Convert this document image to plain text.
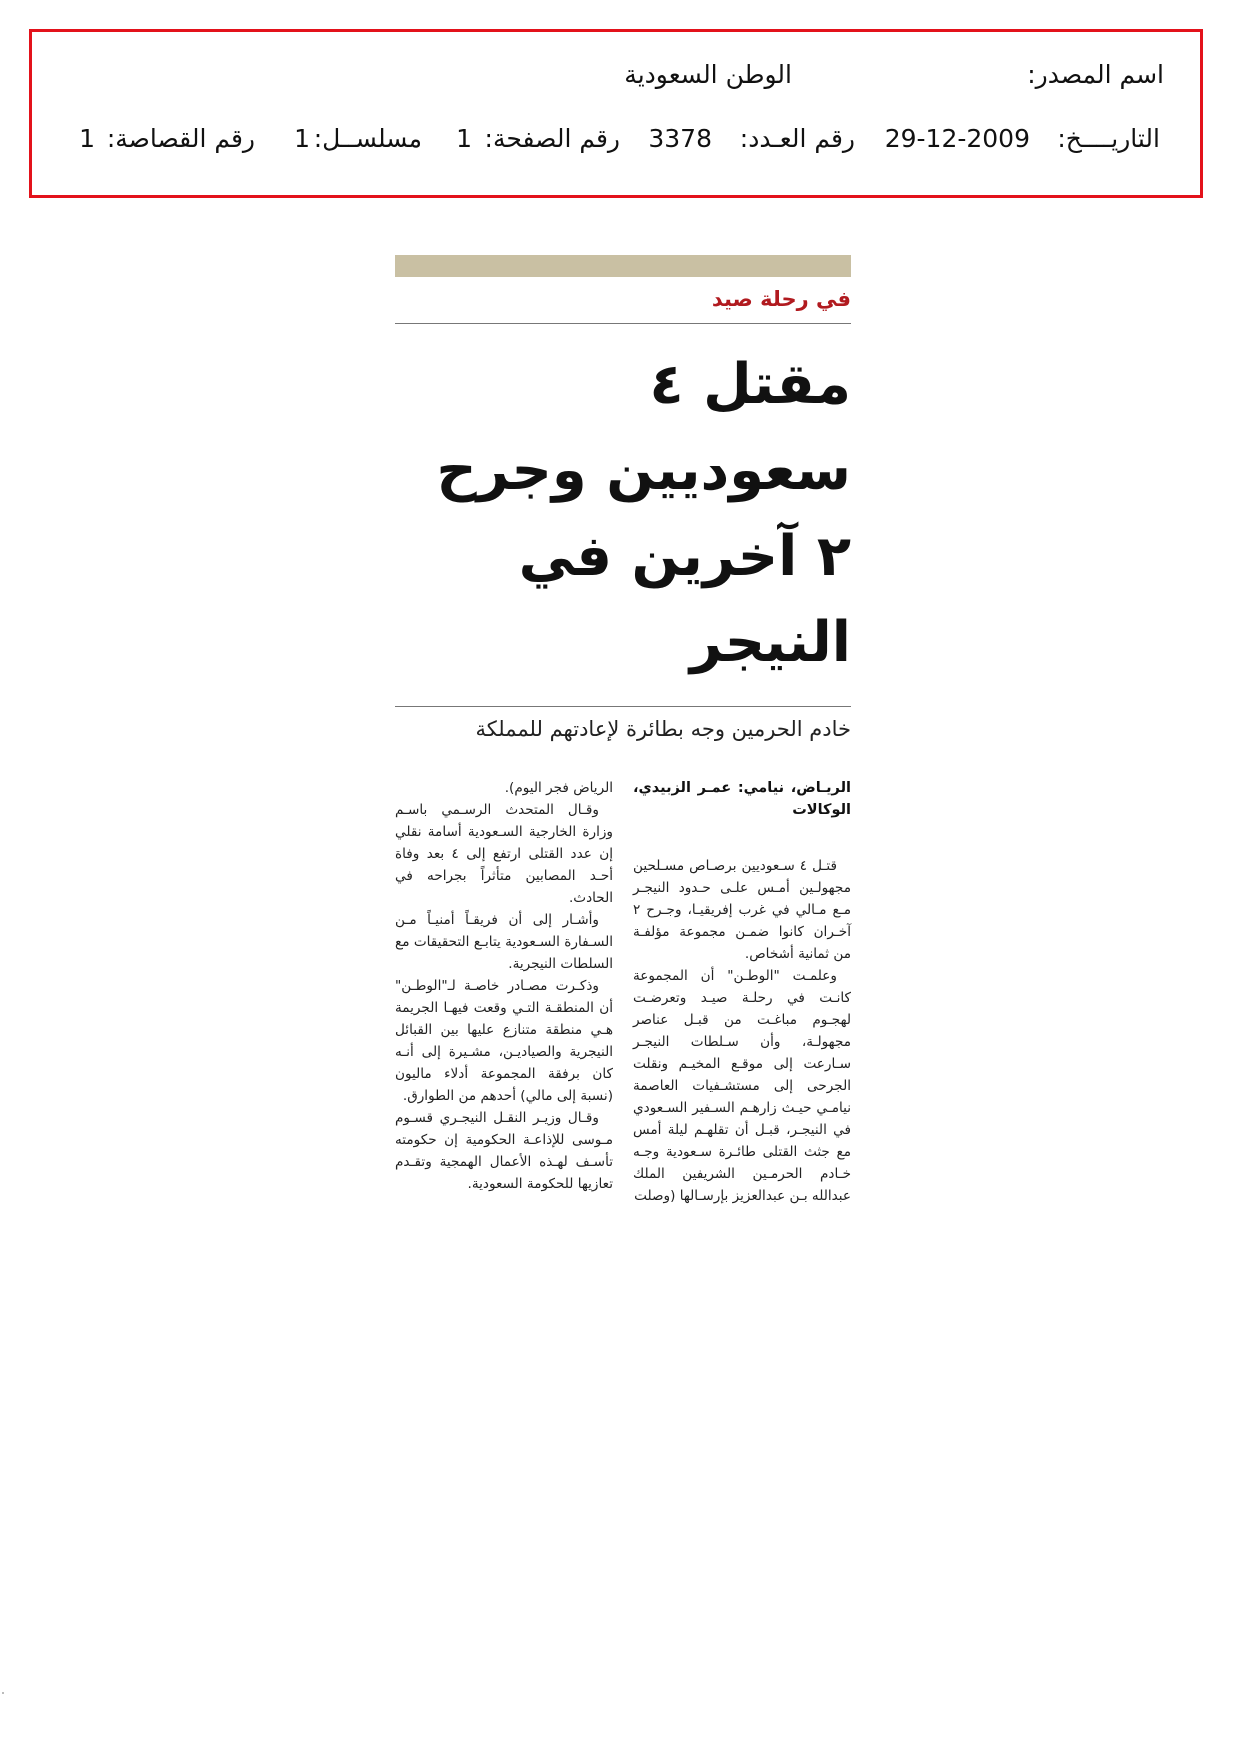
اسم المصدر:
الوطن السعودية
التاريــــخ:
29-12-2009
رقم العـدد:
3378
رقم الصفحة:
1
مسلســل:
1
رقم القصاصة:
1
في رحلة صيد
مقتل ٤ سعوديين وجرح
٢ آخرين في النيجر
خادم الحرمين وجه بطائرة لإعادتهم للمملكة

الريـاض، نيامي: عمـر الزبيدي، الوكالات

قتـل ٤ سـعوديين برصـاص مسـلحين مجهولـين أمـس علـى حـدود النيجـر مـع مـالي في غرب إفريقيـا، وجـرح ٢ آخـران كانوا ضمـن مجموعة مؤلفـة من ثمانية أشخاص.

وعلمـت "الوطـن" أن المجموعة كانـت في رحلـة صيـد وتعرضـت لهجـوم مباغـت من قبـل عناصر مجهولـة، وأن سـلطات النيجـر سـارعت إلى موقـع المخيـم ونقلت الجرحى إلى مستشـفيات العاصمة نيامـي حيـث زارهـم السـفير السـعودي في النيجـر، قبـل أن تقلهـم ليلة أمس مع جثث القتلى طائـرة سـعودية وجـه خـادم الحرمـين الشريفين الملك عبدالله بـن عبدالعزيز بإرسـالها (وصلت

الرياض فجر اليوم).

وقـال المتحدث الرسـمي باسـم وزارة الخارجية السـعودية أسامة نقلي إن عدد القتلى ارتفع إلى ٤ بعد وفاة أحـد المصابين متأثراً بجراحه في الحادث.

وأشـار إلى أن فريقـاً أمنيـاً مـن السـفارة السـعودية يتابـع التحقيقات مع السلطات النيجرية.

وذكـرت مصـادر خاصـة لـ"الوطـن" أن المنطقـة التـي وقعت فيهـا الجريمة هـي منطقة متنازع عليها بين القبائل النيجرية والصياديـن، مشـيرة إلى أنـه كان برفقة المجموعة أدلاء ماليون (نسبة إلى مالي) أحدهم من الطوارق.

وقـال وزيـر النقـل النيجـري قسـوم مـوسى للإذاعـة الحكومية إن حكومته تأسـف لهـذه الأعمال الهمجية وتقـدم تعازيها للحكومة السعودية.
